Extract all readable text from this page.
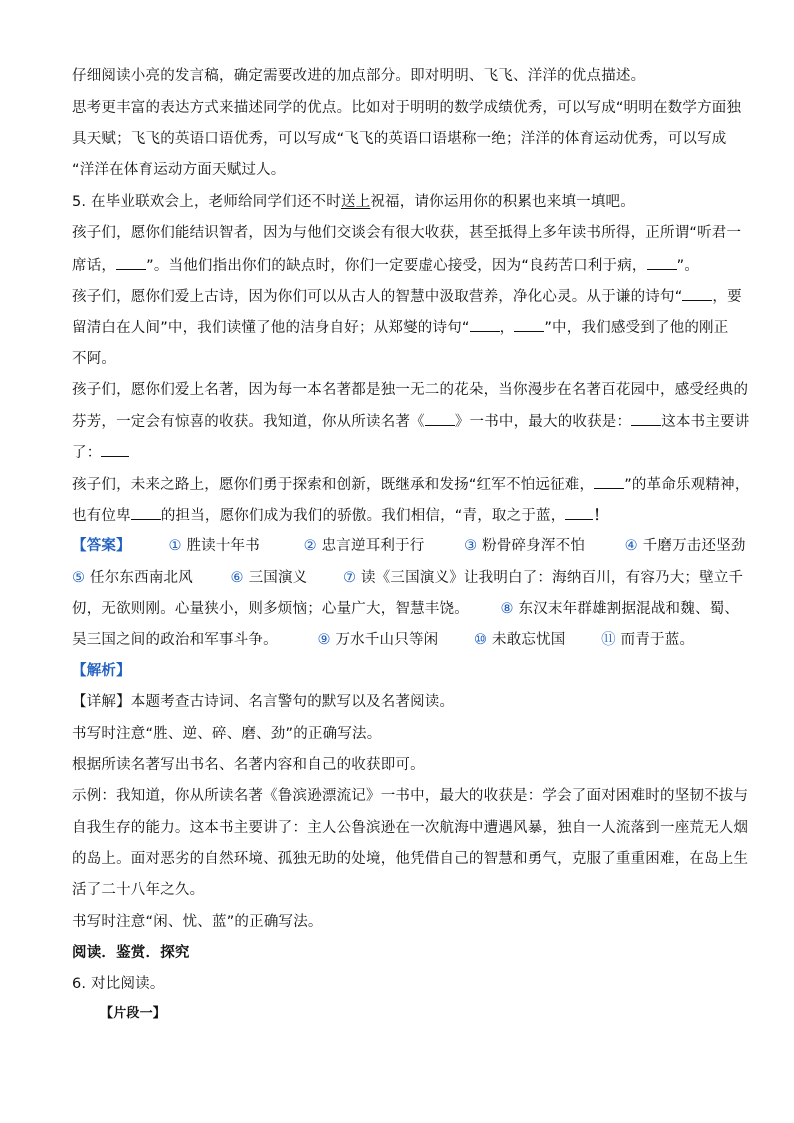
仔细阅读小亮的发言稿，确定需要改进的加点部分。即对明明、飞飞、洋洋的优点描述。
思考更丰富的表达方式来描述同学的优点。比如对于明明的数学成绩优秀，可以写成“明明在数学方面独
具天赋；飞飞的英语口语优秀，可以写成“飞飞的英语口语堪称一绝；洋洋的体育运动优秀，可以写成
“洋洋在体育运动方面天赋过人。
5. 在毕业联欢会上，老师给同学们还不时送上祝福，请你运用你的积累也来填一填吧。
孩子们，愿你们能结识智者，因为与他们交谈会有很大收获，甚至抵得上多年读书所得，正所谓“听君一
席话， ”。当他们指出你们的缺点时，你们一定要虚心接受，因为“良药苦口利于病， ”。
孩子们，愿你们爱上古诗，因为你们可以从古人的智慧中汲取营养，净化心灵。从于谦的诗句“ ，要
留清白在人间”中，我们读懂了他的洁身自好；从郑燮的诗句“ ， ”中，我们感受到了他的刚正
不阿。
孩子们，愿你们爱上名著，因为每一本名著都是独一无二的花朵，当你漫步在名著百花园中，感受经典的
芬芳，一定会有惊喜的收获。我知道，你从所读名著《 》一书中，最大的收获是： 这本书主要讲
了：
孩子们，未来之路上，愿你们勇于探索和创新，既继承和发扬“红军不怕远征难， ”的革命乐观精神，
也有位卑 的担当，愿你们成为我们的骄傲。我们相信，“青，取之于蓝， ！
【答案】	① 胜读十年书	② 忠言逆耳利于行	③ 粉骨碎身浑不怕	④ 千磨万击还坚劲
⑤ 任尔东西南北风	⑥ 三国演义 ⑦ 读《三国演义》让我明白了：海纳百川，有容乃大；壁立千
仞，无欲则刚。心量狭小，则多烦恼；心量广大，智慧丰饶。 ⑧ 东汉末年群雄割据混战和魏、蜀、
吴三国之间的政治和军事斗争。	⑨ 万水千山只等闲 ⑩ 未敢忘忧国 ⑪ 而青于蓝。
【解析】
【详解】本题考查古诗词、名言警句的默写以及名著阅读。
书写时注意“胜、逆、碎、磨、劲”的正确写法。
根据所读名著写出书名、名著内容和自己的收获即可。
示例：我知道，你从所读名著《鲁滨逊漂流记》一书中，最大的收获是：学会了面对困难时的坚韧不拔与
自我生存的能力。这本书主要讲了：主人公鲁滨逊在一次航海中遭遇风暴，独自一人流落到一座荒无人烟
的岛上。面对恶劣的自然环境、孤独无助的处境，他凭借自己的智慧和勇气，克服了重重困难，在岛上生
活了二十八年之久。
书写时注意“闲、忧、蓝”的正确写法。
阅读．鉴赏．探究
6. 对比阅读。
【片段一】
